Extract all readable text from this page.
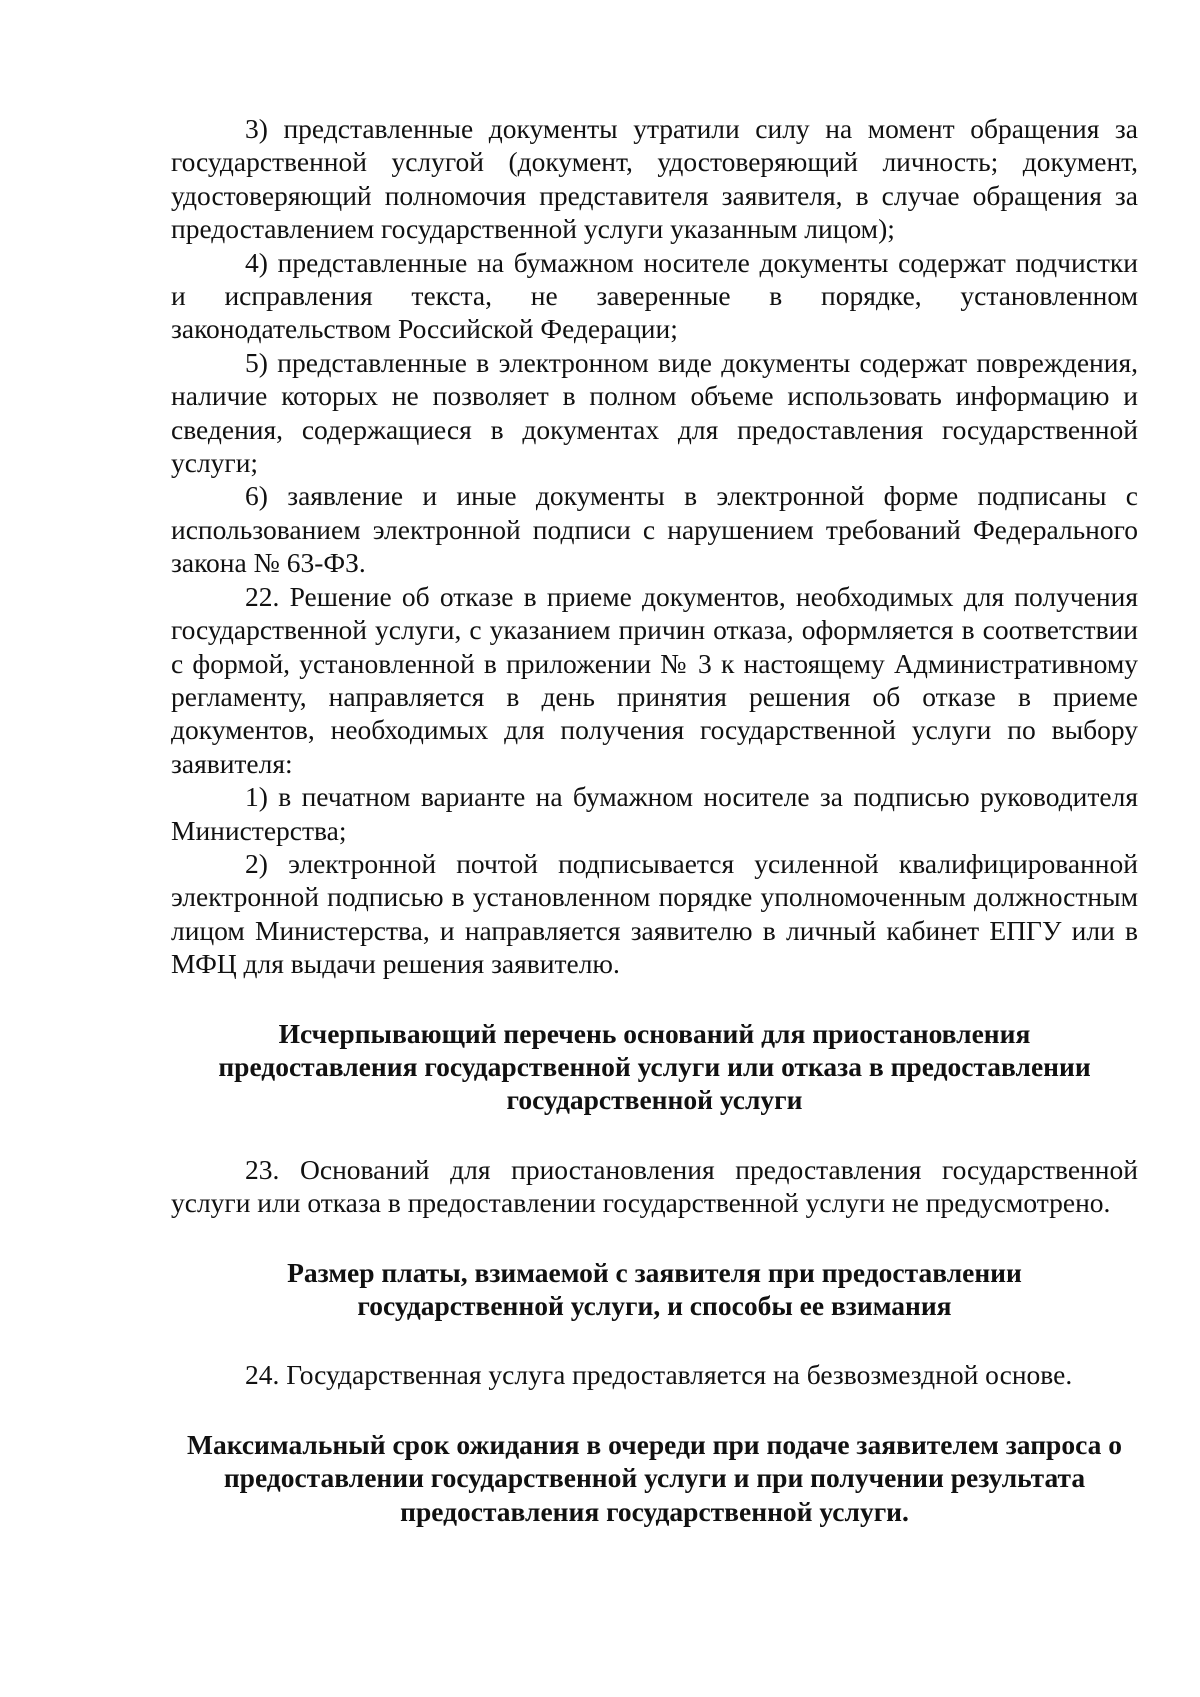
3) представленные документы утратили силу на момент обращения за государственной услугой (документ, удостоверяющий личность; документ, удостоверяющий полномочия представителя заявителя, в случае обращения за предоставлением государственной услуги указанным лицом);

4) представленные на бумажном носителе документы содержат подчистки и исправления текста, не заверенные в порядке, установленном законодательством Российской Федерации;

5) представленные в электронном виде документы содержат повреждения, наличие которых не позволяет в полном объеме использовать информацию и сведения, содержащиеся в документах для предоставления государственной услуги;

6) заявление и иные документы в электронной форме подписаны с использованием электронной подписи с нарушением требований Федерального закона № 63-ФЗ.

22. Решение об отказе в приеме документов, необходимых для получения государственной услуги, с указанием причин отказа, оформляется в соответствии с формой, установленной в приложении № 3 к настоящему Административному регламенту, направляется в день принятия решения об отказе в приеме документов, необходимых для получения государственной услуги по выбору заявителя:

1) в печатном варианте на бумажном носителе за подписью руководителя Министерства;

2) электронной почтой подписывается усиленной квалифицированной электронной подписью в установленном порядке уполномоченным должностным лицом Министерства, и направляется заявителю в личный кабинет ЕПГУ или в МФЦ для выдачи решения заявителю.

Исчерпывающий перечень оснований для приостановления

предоставления государственной услуги или отказа в предоставлении

государственной услуги

23. Оснований для приостановления предоставления государственной услуги или отказа в предоставлении государственной услуги не предусмотрено.

Размер платы, взимаемой с заявителя при предоставлении

государственной услуги, и способы ее взимания

24. Государственная услуга предоставляется на безвозмездной основе.

Максимальный срок ожидания в очереди при подаче заявителем запроса о

предоставлении государственной услуги и при получении результата

предоставления государственной услуги.
